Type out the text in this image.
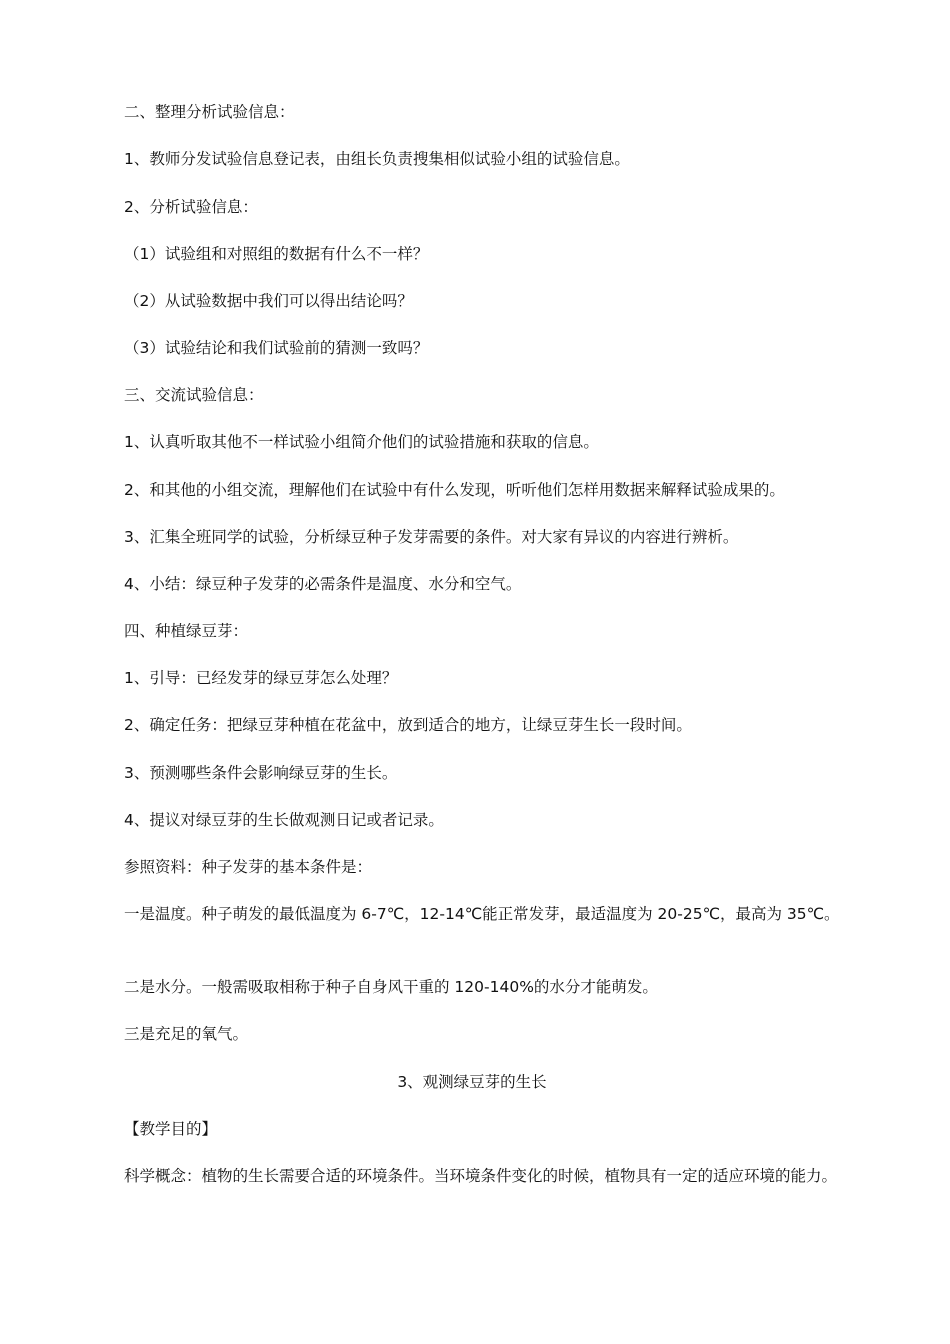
二、整理分析试验信息：
1、教师分发试验信息登记表，由组长负责搜集相似试验小组的试验信息。
2、分析试验信息：
（1）试验组和对照组的数据有什么不一样？
（2）从试验数据中我们可以得出结论吗？
（3）试验结论和我们试验前的猜测一致吗？
三、交流试验信息：
1、认真听取其他不一样试验小组简介他们的试验措施和获取的信息。
2、和其他的小组交流，理解他们在试验中有什么发现，听听他们怎样用数据来解释试验成果的。
3、汇集全班同学的试验，分析绿豆种子发芽需要的条件。对大家有异议的内容进行辨析。
4、小结：绿豆种子发芽的必需条件是温度、水分和空气。
四、种植绿豆芽：
1、引导：已经发芽的绿豆芽怎么处理？
2、确定任务：把绿豆芽种植在花盆中，放到适合的地方，让绿豆芽生长一段时间。
3、预测哪些条件会影响绿豆芽的生长。
4、提议对绿豆芽的生长做观测日记或者记录。
参照资料：种子发芽的基本条件是：
一是温度。种子萌发的最低温度为 6-7℃，12-14℃能正常发芽，最适温度为 20-25℃，最高为 35℃。
二是水分。一般需吸取相称于种子自身风干重的 120-140%的水分才能萌发。
三是充足的氧气。
3、观测绿豆芽的生长
【教学目的】
科学概念：植物的生长需要合适的环境条件。当环境条件变化的时候，植物具有一定的适应环境的能力。
